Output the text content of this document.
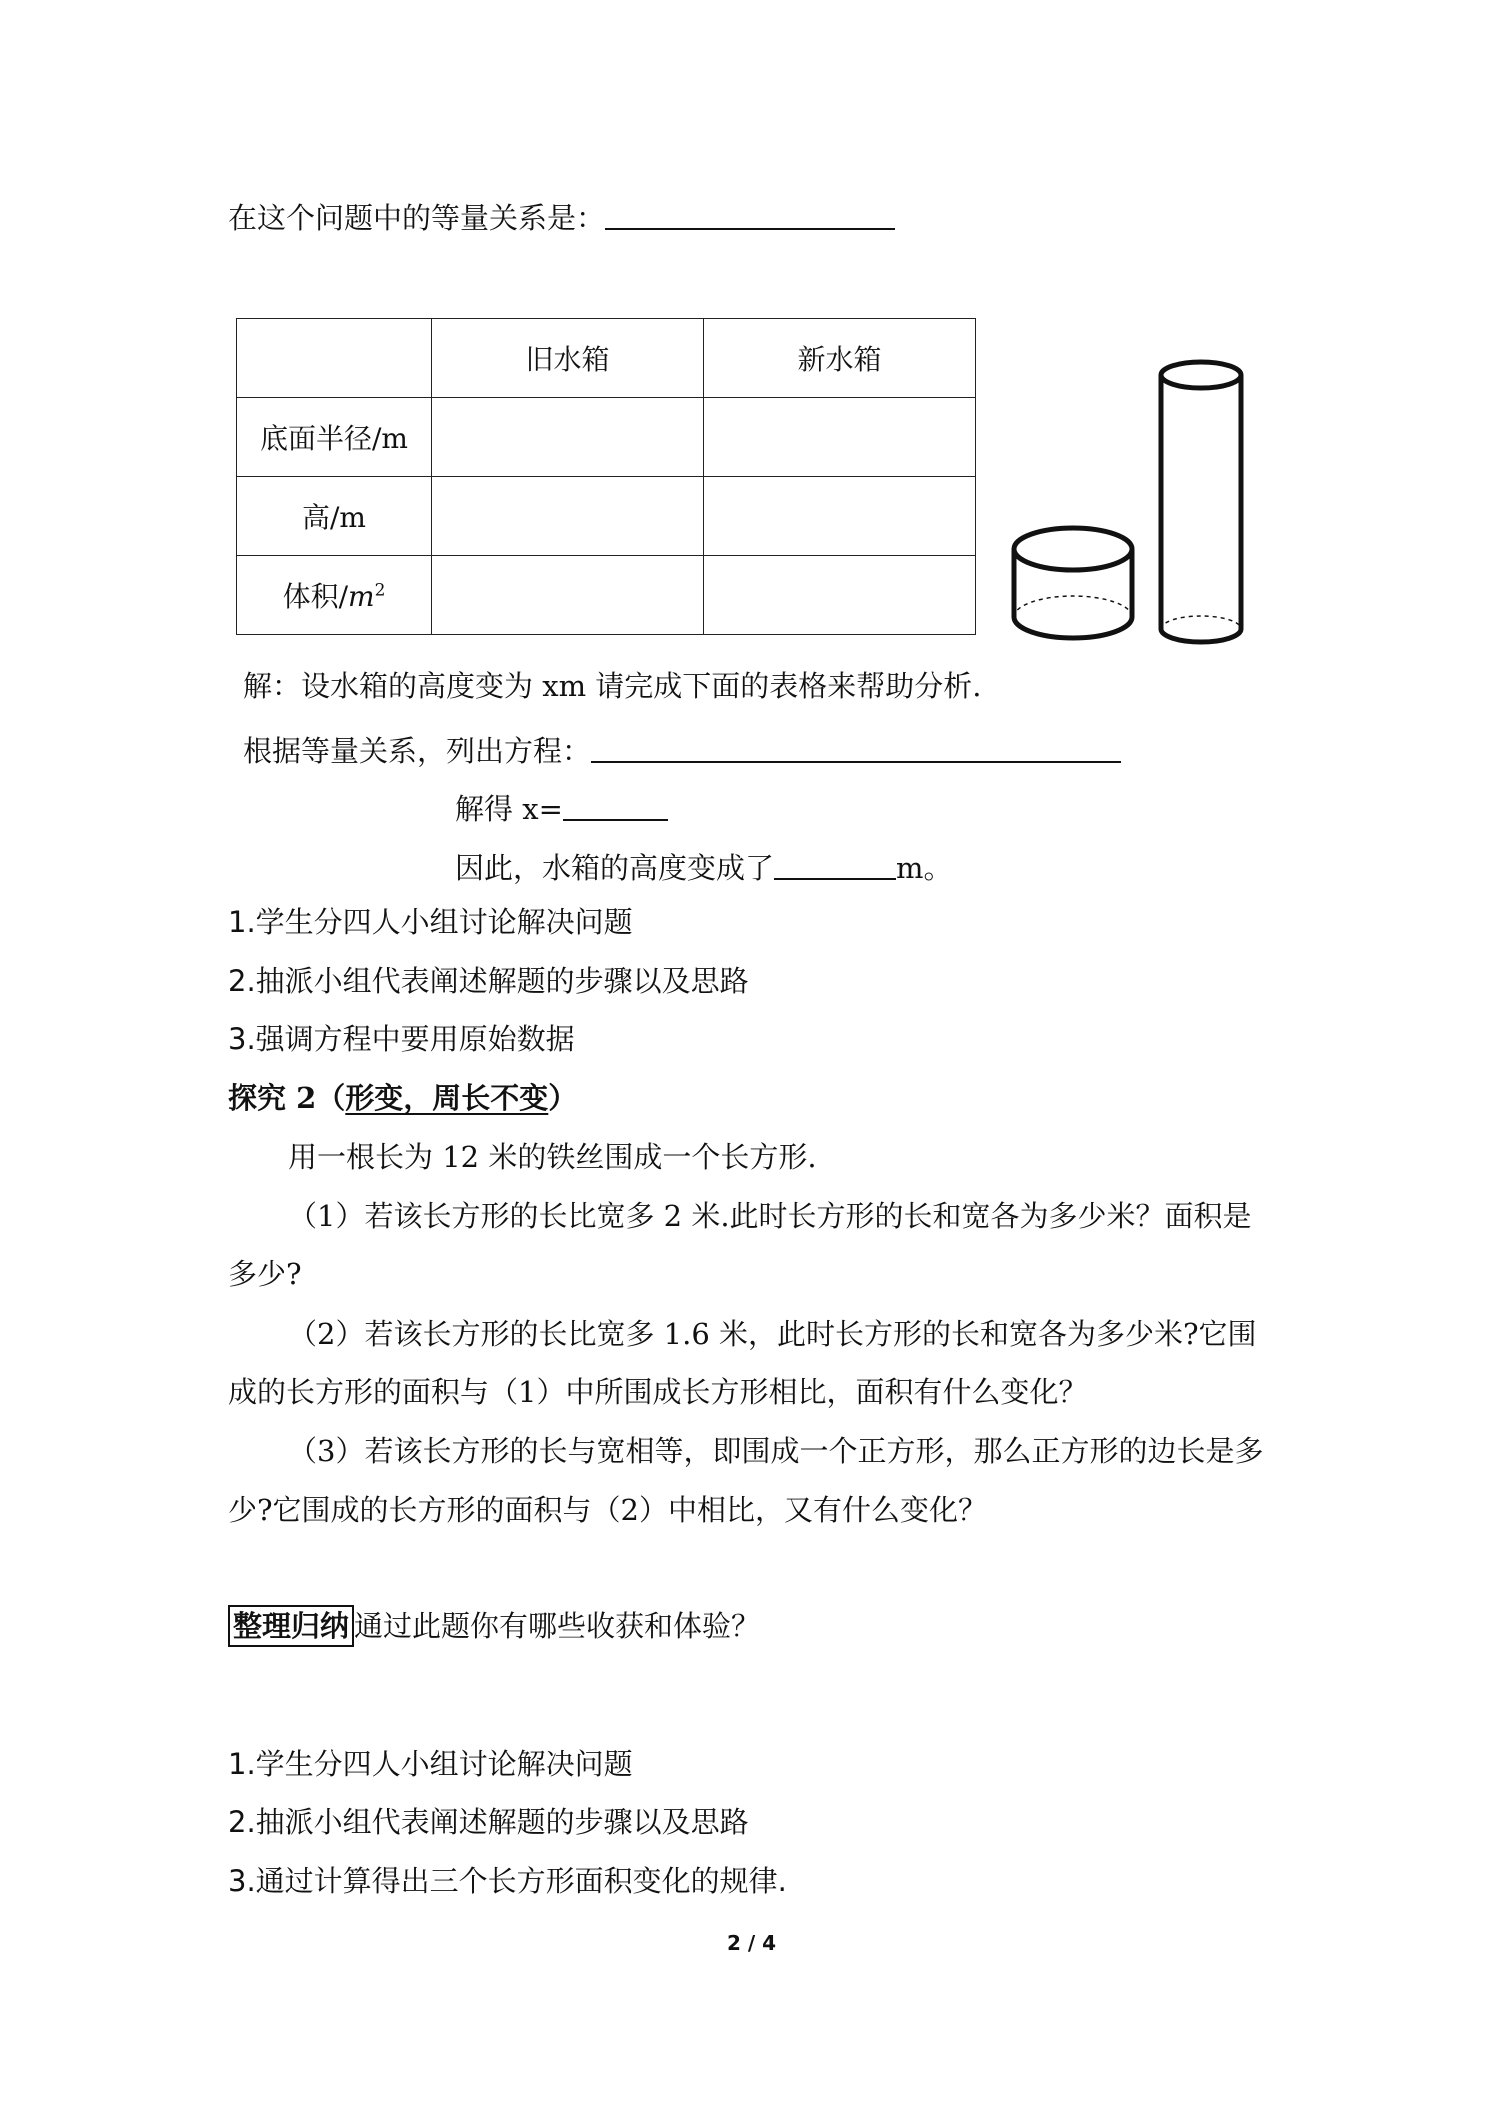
在这个问题中的等量关系是：
	旧水箱	新水箱
底面半径/m		
高/m		
体积$/m^2$		
解：设水箱的高度变为 xm 请完成下面的表格来帮助分析.
根据等量关系，列出方程：
解得 x=
因此，水箱的高度变成了	m。
1.学生分四人小组讨论解决问题
2.抽派小组代表阐述解题的步骤以及思路
3.强调方程中要用原始数据
探究 2（形变，周长不变）
用一根长为 12 米的铁丝围成一个长方形.
（1）若该长方形的长比宽多 2 米.此时长方形的长和宽各为多少米？面积是
多少?
（2）若该长方形的长比宽多 1.6 米，此时长方形的长和宽各为多少米?它围
成的长方形的面积与（1）中所围成长方形相比，面积有什么变化？
（3）若该长方形的长与宽相等，即围成一个正方形，那么正方形的边长是多
少?它围成的长方形的面积与（2）中相比，又有什么变化？
整理归纳 通过此题你有哪些收获和体验？
1.学生分四人小组讨论解决问题
2.抽派小组代表阐述解题的步骤以及思路
3.通过计算得出三个长方形面积变化的规律.
2 / 4
